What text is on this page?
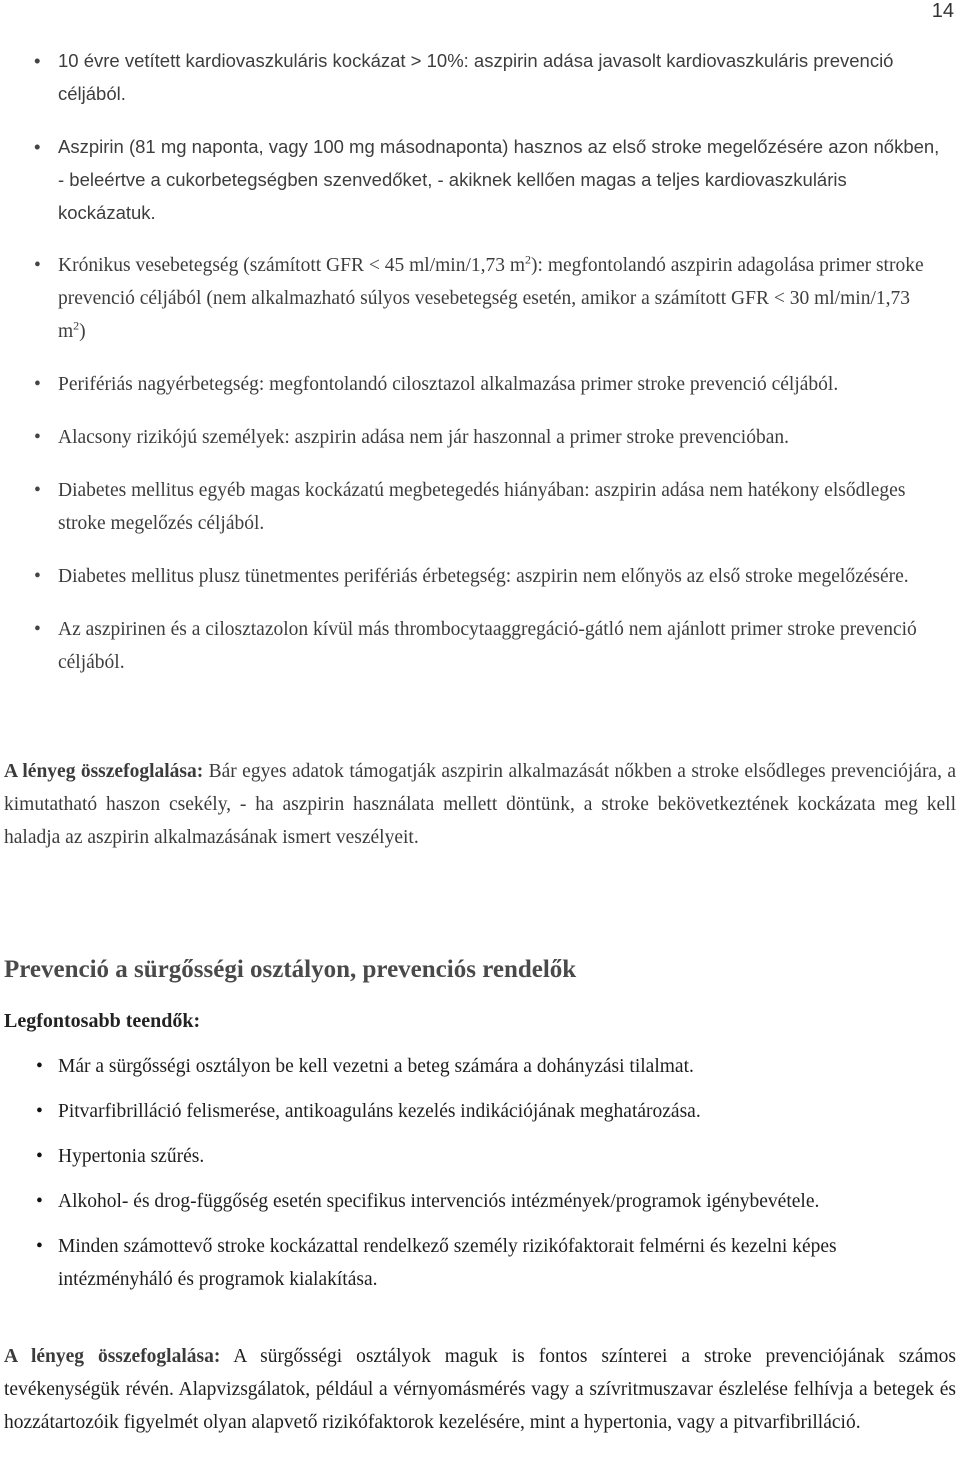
14
• 10 évre vetített kardiovaszkuláris kockázat > 10%: aszpirin adása javasolt kardiovaszkuláris prevenció céljából.
• Aszpirin (81 mg naponta, vagy 100 mg másodnaponta) hasznos az első stroke megelőzésére azon nőkben, - beleértve a cukorbetegségben szenvedőket, - akiknek kellően magas a teljes kardiovaszkuláris kockázatuk.
• Krónikus vesebetegség (számított GFR < 45 ml/min/1,73 $m^2$): megfontolandó aszpirin adagolása primer stroke prevenció céljából (nem alkalmazható súlyos vesebetegség esetén, amikor a számított GFR < 30 ml/min/1,73 $m^2$)
• Perifériás nagyérbetegség: megfontolandó cilosztazol alkalmazása primer stroke prevenció céljából.
• Alacsony rizikójú személyek: aszpirin adása nem jár haszonnal a primer stroke prevencióban.
• Diabetes mellitus egyéb magas kockázatú megbetegedés hiányában: aszpirin adása nem hatékony elsődleges stroke megelőzés céljából.
• Diabetes mellitus plusz tünetmentes perifériás érbetegség: aszpirin nem előnyös az első stroke megelőzésére.
• Az aszpirinen és a cilosztazolon kívül más thrombocytaaggregáció-gátló nem ajánlott primer stroke prevenció céljából.
A lényeg összefoglalása: Bár egyes adatok támogatják aszpirin alkalmazását nőkben a stroke elsődleges prevenciójára, a kimutatható haszon csekély, - ha aszpirin használata mellett döntünk, a stroke bekövetkeztének kockázata meg kell haladja az aszpirin alkalmazásának ismert veszélyeit.
Prevenció a sürgősségi osztályon, prevenciós rendelők
Legfontosabb teendők:
• Már a sürgősségi osztályon be kell vezetni a beteg számára a dohányzási tilalmat.
• Pitvarfibrilláció felismerése, antikoaguláns kezelés indikációjának meghatározása.
• Hypertonia szűrés.
• Alkohol- és drog-függőség esetén specifikus intervenciós intézmények/programok igénybevétele.
• Minden számottevő stroke kockázattal rendelkező személy rizikófaktorait felmérni és kezelni képes intézményháló és programok kialakítása.
A lényeg összefoglalása: A sürgősségi osztályok maguk is fontos színterei a stroke prevenciójának számos tevékenységük révén. Alapvizsgálatok, például a vérnyomásmérés vagy a szívritmuszavar észlelése felhívja a betegek és hozzátartozóik figyelmét olyan alapvető rizikófaktorok kezelésére, mint a hypertonia, vagy a pitvarfibrilláció.
